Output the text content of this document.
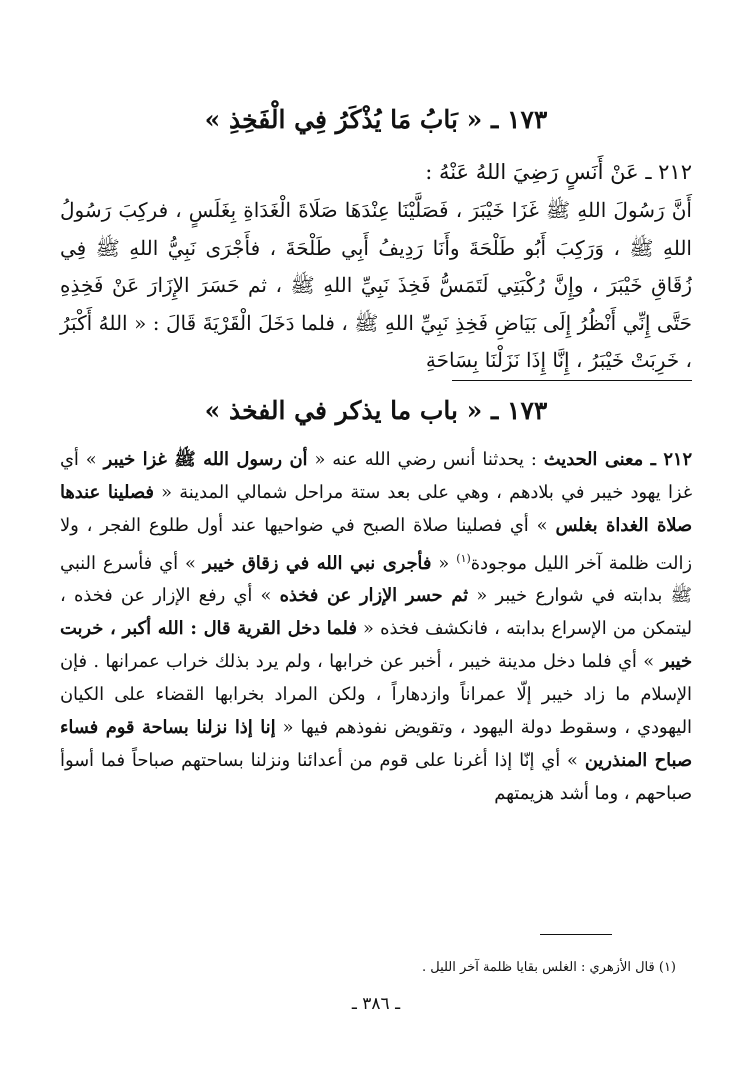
١٧٣ ـ « بَابُ مَا يُذْكَرُ فِي الْفَخِذِ »
٢١٢ ـ عَنْ أَنَسٍ رَضِيَ اللهُ عَنْهُ :

أَنَّ رَسُولَ اللهِ ﷺ غَزَا خَيْبَرَ ، فَصَلَّيْنَا عِنْدَهَا صَلَاةَ الْغَدَاةِ بِغَلَسٍ ، فركِبَ رَسُولُ اللهِ ﷺ ، وَرَكِبَ أَبُو طَلْحَةَ وأَنَا رَدِيفُ أَبِي طَلْحَةَ ، فأَجْرَى نَبِيُّ اللهِ ﷺ فِي زُقَاقِ خَيْبَرَ ، وإِنَّ رُكْبَتِي لَتَمَسُّ فَخِذَ نَبِيِّ اللهِ ﷺ ، ثم حَسَرَ الإِزَارَ عَنْ فَخِذِهِ حَتَّى إِنِّي أَنْظُرُ إِلَى بَيَاضِ فَخِذِ نَبِيِّ اللهِ ﷺ ، فلما دَخَلَ الْقَرْيَةَ قَالَ : « اللهُ أَكْبَرُ ، خَرِبَتْ خَيْبَرُ ، إِنَّا إِذَا نَزَلْنَا بِسَاحَةِ

١٧٣ ـ « باب ما يذكر في الفخذ »

٢١٢ ـ معنى الحديث : يحدثنا أنس رضي الله عنه « أن رسول الله ﷺ غزا خيبر » أي غزا يهود خيبر في بلادهم ، وهي على بعد ستة مراحل شمالي المدينة « فصلينا عندها صلاة الغداة بغلس » أي فصلينا صلاة الصبح في ضواحيها عند أول طلوع الفجر ، ولا زالت ظلمة آخر الليل موجودة$^{(١)}$ « فأجرى نبي الله في زقاق خيبر » أي فأسرع النبي ﷺ بدابته في شوارع خيبر « ثم حسر الإزار عن فخذه » أي رفع الإزار عن فخذه ، ليتمكن من الإسراع بدابته ، فانكشف فخذه « فلما دخل القرية قال : الله أكبر ، خربت خيبر » أي فلما دخل مدينة خيبر ، أخبر عن خرابها ، ولم يرد بذلك خراب عمرانها . فإن الإسلام ما زاد خيبر إلّا عمراناً وازدهاراً ، ولكن المراد بخرابها القضاء على الكيان اليهودي ، وسقوط دولة اليهود ، وتقويض نفوذهم فيها « إنا إذا نزلنا بساحة قوم فساء صباح المنذرين » أي إنّا إذا أغرنا على قوم من أعدائنا ونزلنا بساحتهم صباحاً فما أسوأ صباحهم ، وما أشد هزيمتهم

(١) قال الأزهري : الغلس بقايا ظلمة آخر الليل .
ـ ٣٨٦ ـ
